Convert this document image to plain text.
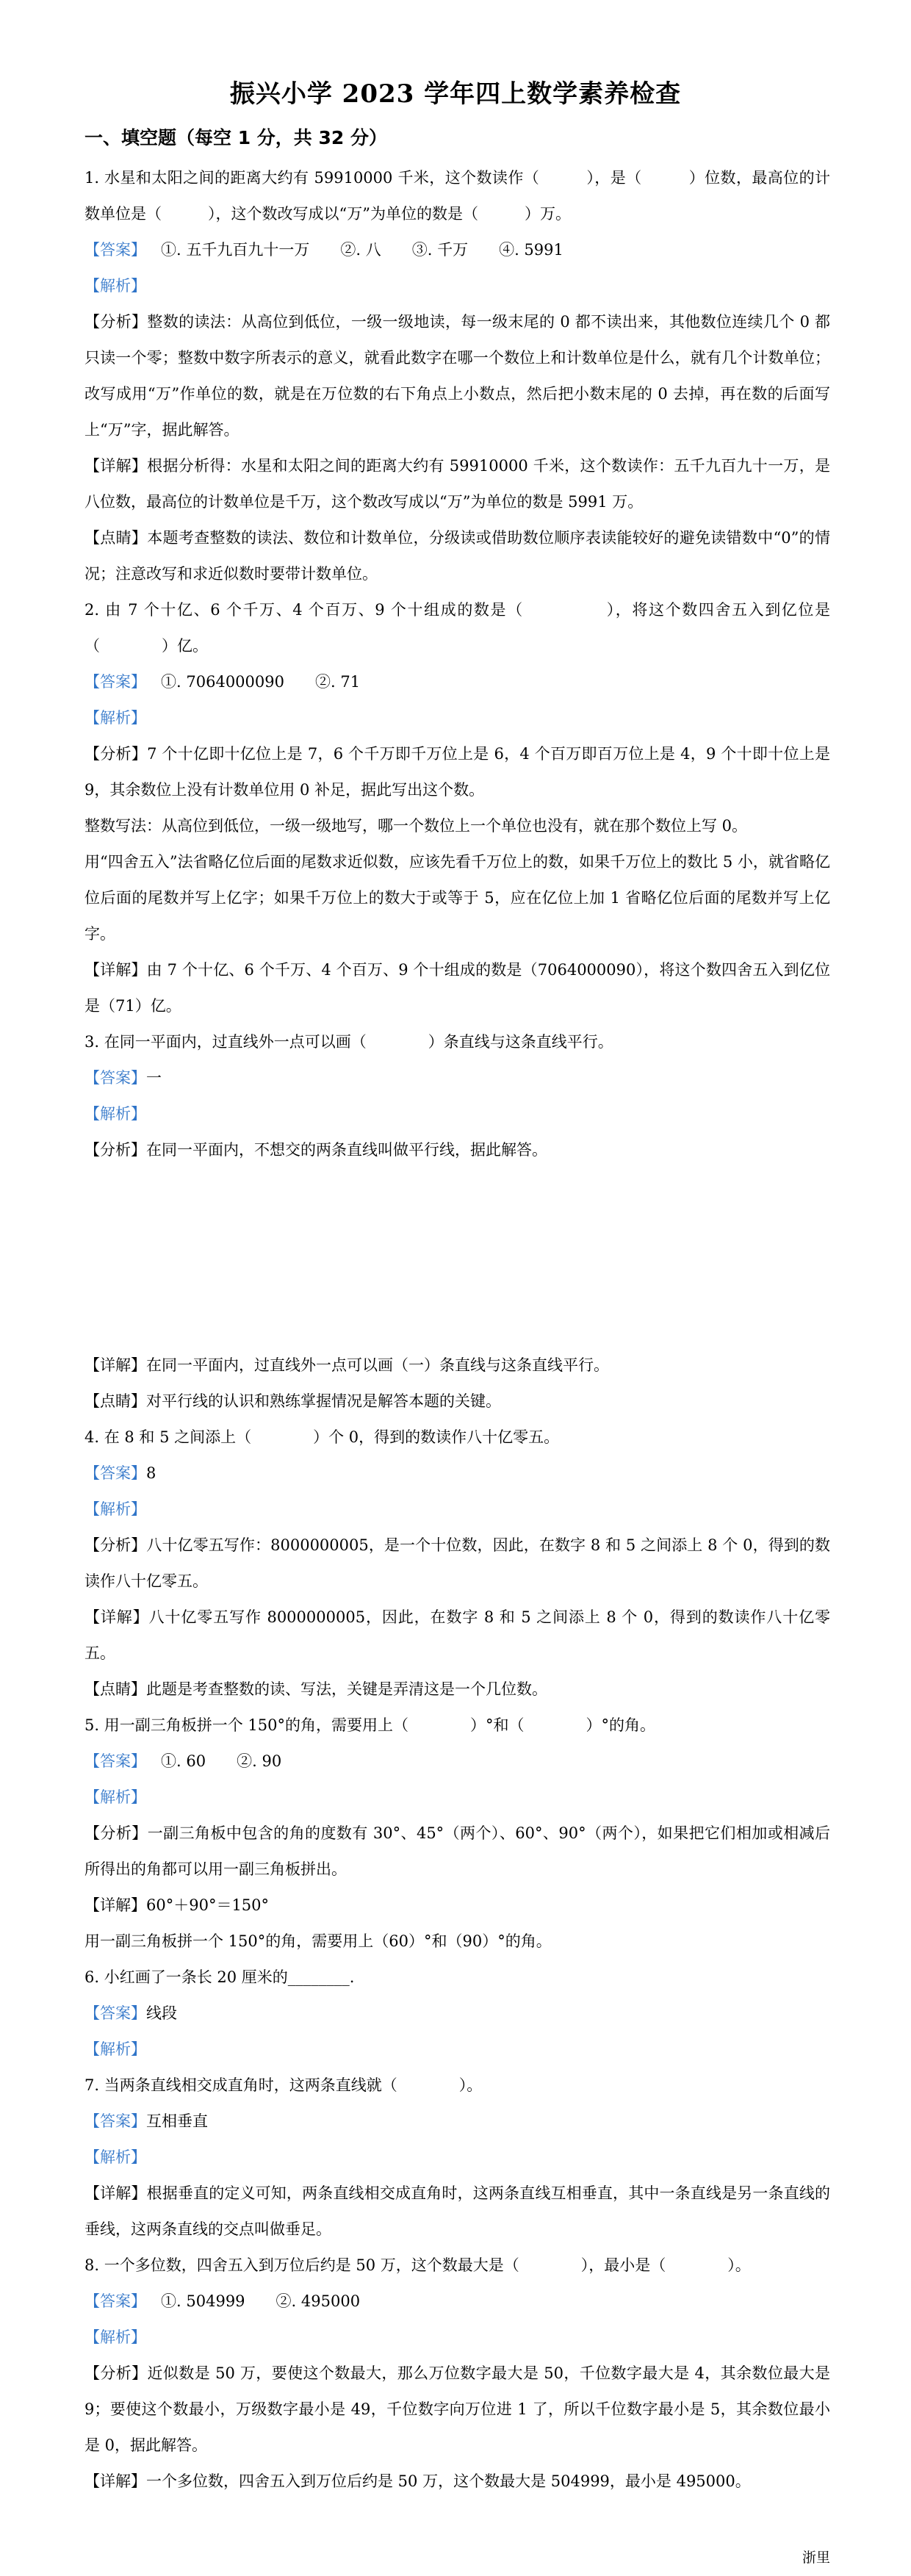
振兴小学 2023 学年四上数学素养检查
一、填空题（每空 1 分，共 32 分）

1. 水星和太阳之间的距离大约有 59910000 千米，这个数读作（　　　），是（　　　）位数，最高位的计数单位是（　　　），这个数改写成以“万”为单位的数是（　　　）万。

【答案】 ①. 五千九百九十一万　　②. 八　　③. 千万　　④. 5991

【解析】

【分析】整数的读法：从高位到低位，一级一级地读，每一级末尾的 0 都不读出来，其他数位连续几个 0 都只读一个零；整数中数字所表示的意义，就看此数字在哪一个数位上和计数单位是什么，就有几个计数单位；改写成用“万”作单位的数，就是在万位数的右下角点上小数点，然后把小数末尾的 0 去掉，再在数的后面写上“万”字，据此解答。

【详解】根据分析得：水星和太阳之间的距离大约有 59910000 千米，这个数读作：五千九百九十一万，是八位数，最高位的计数单位是千万，这个数改写成以“万”为单位的数是 5991 万。

【点睛】本题考查整数的读法、数位和计数单位，分级读或借助数位顺序表读能较好的避免读错数中“0”的情况；注意改写和求近似数时要带计数单位。

2. 由 7 个十亿、6 个千万、4 个百万、9 个十组成的数是（　　　　　），将这个数四舍五入到亿位是（　　　　）亿。

【答案】 ①. 7064000090　　②. 71

【解析】

【分析】7 个十亿即十亿位上是 7，6 个千万即千万位上是 6，4 个百万即百万位上是 4，9 个十即十位上是 9，其余数位上没有计数单位用 0 补足，据此写出这个数。

整数写法：从高位到低位，一级一级地写，哪一个数位上一个单位也没有，就在那个数位上写 0。

用“四舍五入”法省略亿位后面的尾数求近似数，应该先看千万位上的数，如果千万位上的数比 5 小，就省略亿位后面的尾数并写上亿字；如果千万位上的数大于或等于 5，应在亿位上加 1 省略亿位后面的尾数并写上亿字。

【详解】由 7 个十亿、6 个千万、4 个百万、9 个十组成的数是（7064000090），将这个数四舍五入到亿位是（71）亿。

3. 在同一平面内，过直线外一点可以画（　　　　）条直线与这条直线平行。

【答案】一

【解析】

【分析】在同一平面内，不想交的两条直线叫做平行线，据此解答。

【详解】在同一平面内，过直线外一点可以画（一）条直线与这条直线平行。

【点睛】对平行线的认识和熟练掌握情况是解答本题的关键。

4. 在 8 和 5 之间添上（　　　　）个 0，得到的数读作八十亿零五。

【答案】8

【解析】

【分析】八十亿零五写作：8000000005，是一个十位数，因此，在数字 8 和 5 之间添上 8 个 0，得到的数读作八十亿零五。

【详解】八十亿零五写作 8000000005，因此，在数字 8 和 5 之间添上 8 个 0，得到的数读作八十亿零五。

【点睛】此题是考查整数的读、写法，关键是弄清这是一个几位数。

5. 用一副三角板拼一个 150°的角，需要用上（　　　　）°和（　　　　）°的角。

【答案】 ①. 60　　②. 90

【解析】

【分析】一副三角板中包含的角的度数有 30°、45°（两个）、60°、90°（两个），如果把它们相加或相减后所得出的角都可以用一副三角板拼出。

【详解】60°＋90°＝150°

用一副三角板拼一个 150°的角，需要用上（60）°和（90）°的角。

6. 小红画了一条长 20 厘米的________.

【答案】线段

【解析】

7. 当两条直线相交成直角时，这两条直线就（　　　　）。

【答案】互相垂直

【解析】

【详解】根据垂直的定义可知，两条直线相交成直角时，这两条直线互相垂直，其中一条直线是另一条直线的垂线，这两条直线的交点叫做垂足。

8. 一个多位数，四舍五入到万位后约是 50 万，这个数最大是（　　　　），最小是（　　　　）。

【答案】 ①. 504999　　②. 495000

【解析】

【分析】近似数是 50 万，要使这个数最大，那么万位数字最大是 50，千位数字最大是 4，其余数位最大是 9；要使这个数最小，万级数字最小是 49，千位数字向万位进 1 了，所以千位数字最小是 5，其余数位最小是 0，据此解答。

【详解】一个多位数，四舍五入到万位后约是 50 万，这个数最大是 504999，最小是 495000。

浙里
